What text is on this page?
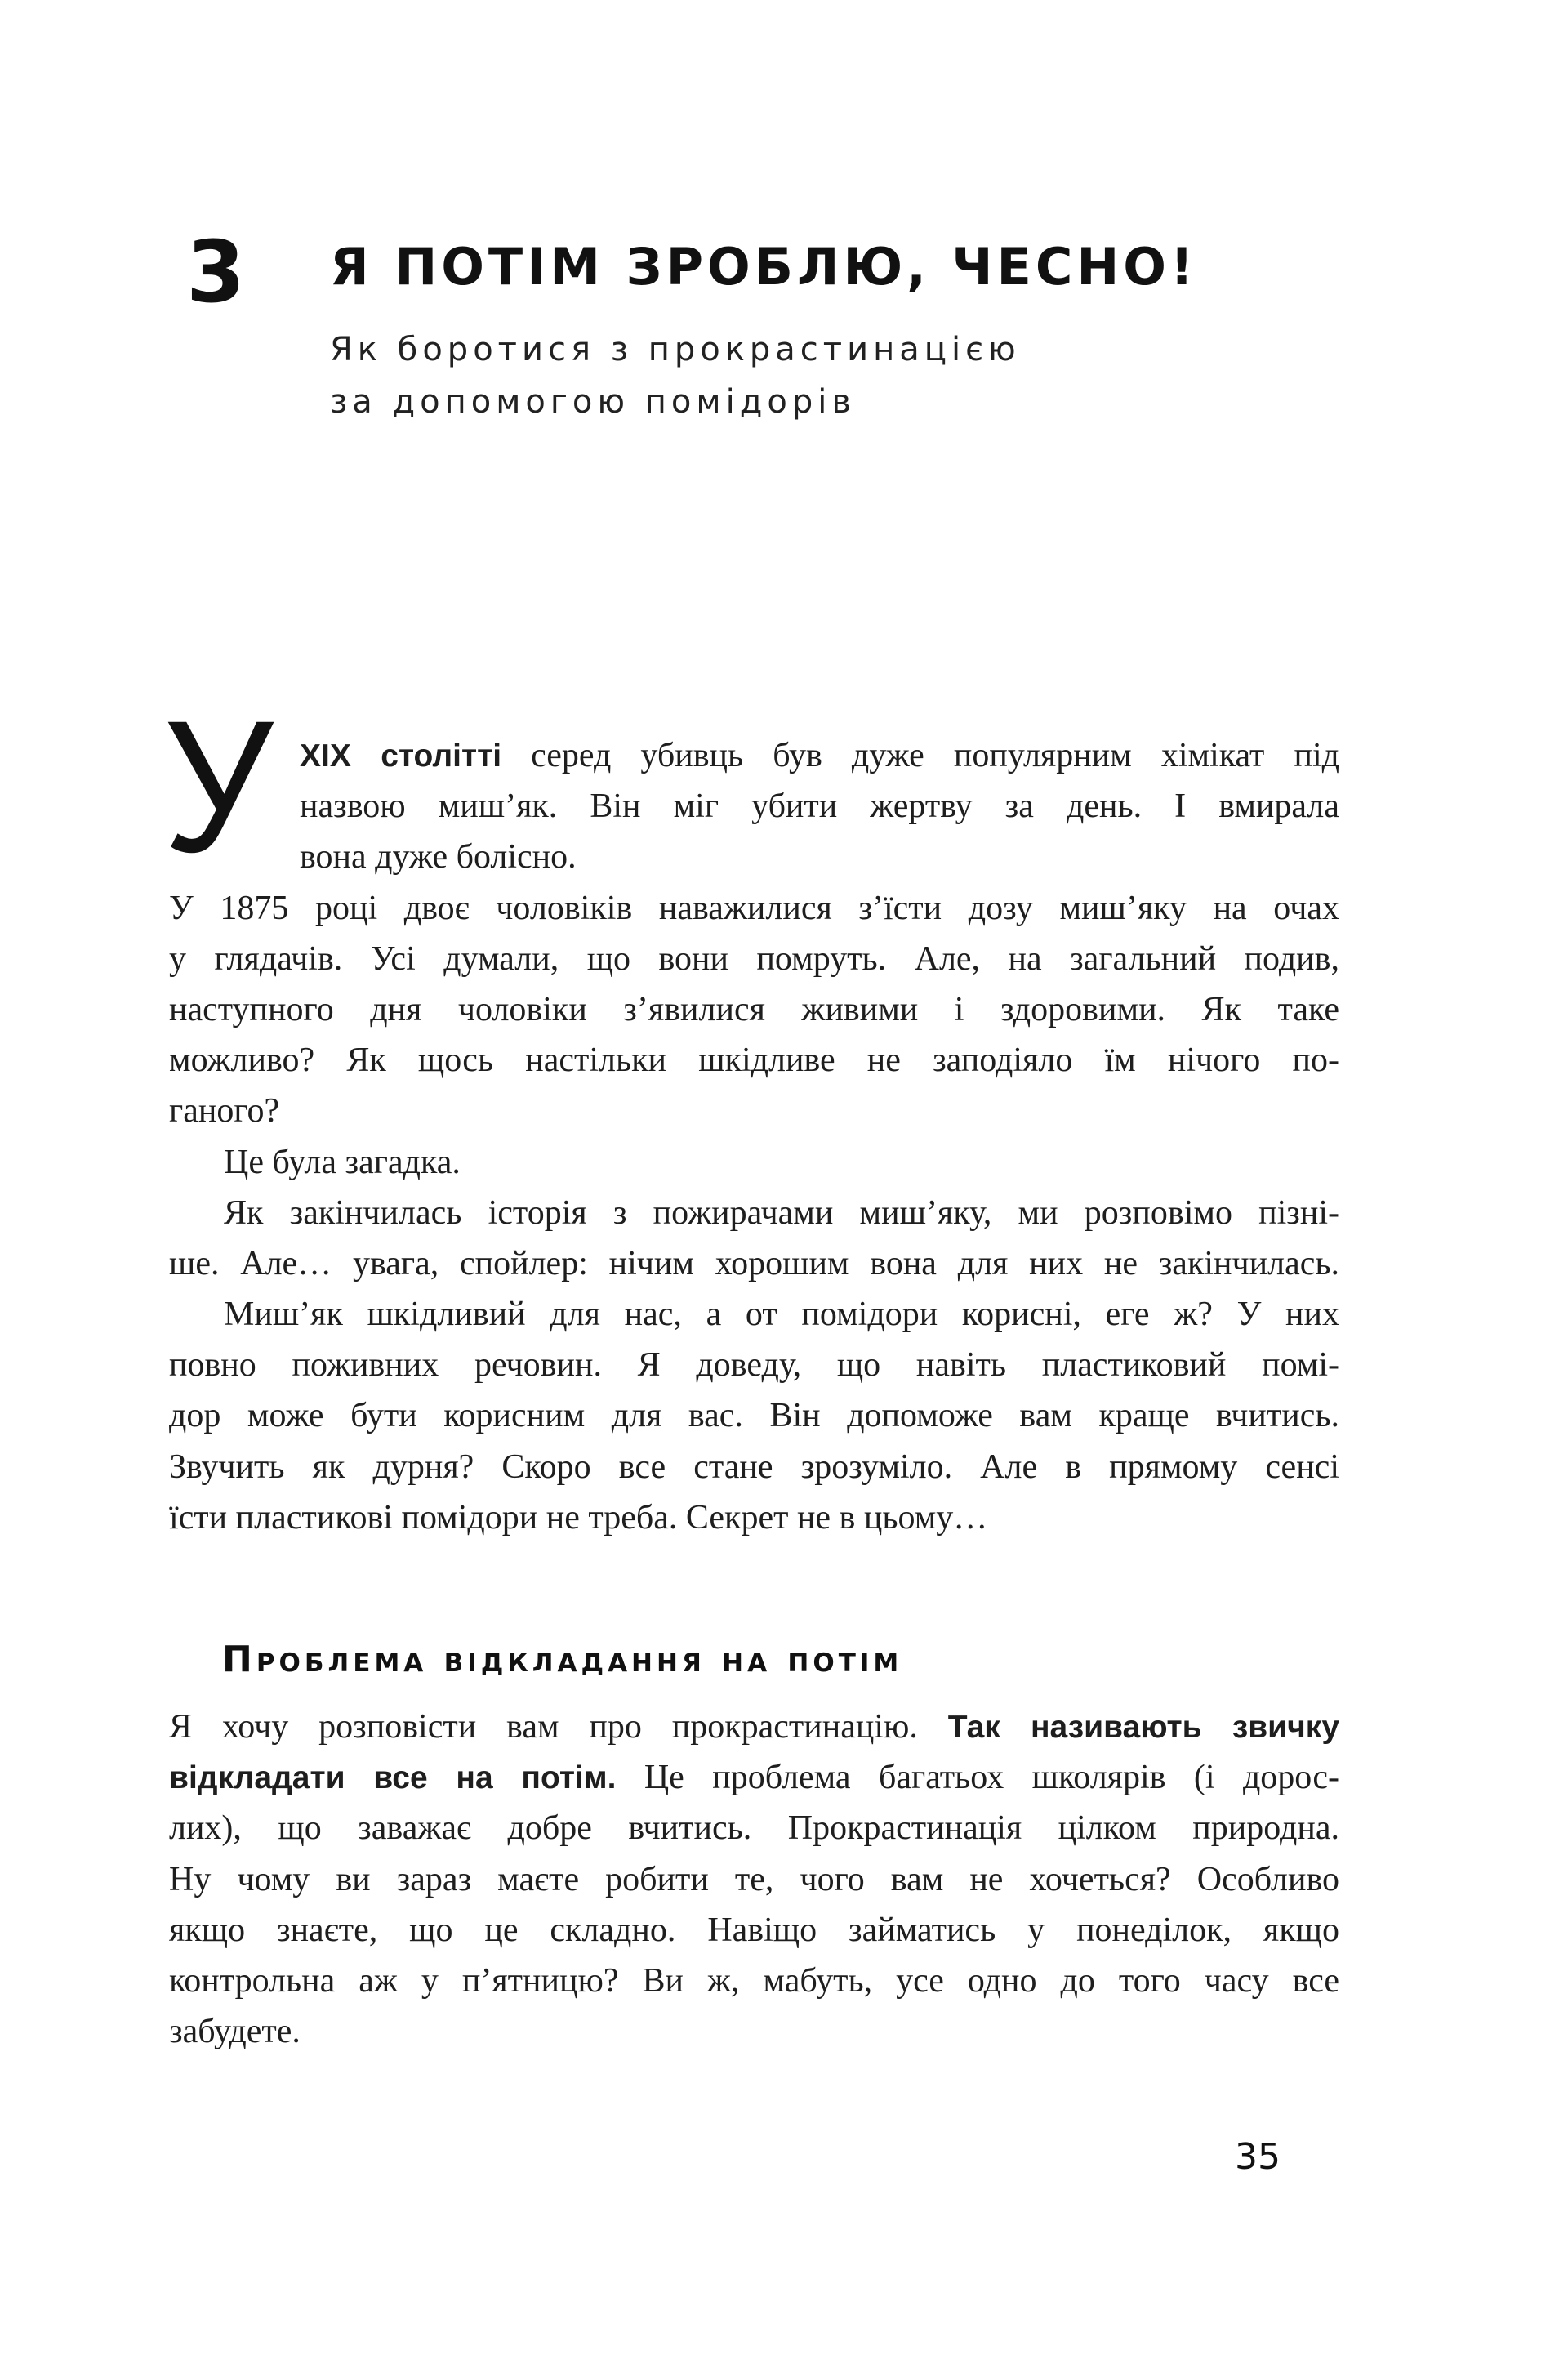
3 Я ПОТІМ ЗРОБЛЮ, ЧЕСНО!
Як боротися з прокрастинацією
за допомогою помідорів
У XIX столітті серед убивць був дуже популярним хімікат під
назвою миш’як. Він міг убити жертву за день. І вмирала
вона дуже болісно.
У 1875 році двоє чоловіків наважилися з’їсти дозу миш’яку на очах
у глядачів. Усі думали, що вони помруть. Але, на загальний подив,
наступного дня чоловіки з’явилися живими і здоровими. Як таке
можливо? Як щось настільки шкідливе не заподіяло їм нічого по-
ганого?
Це була загадка.
Як закінчилась історія з пожирачами миш’яку, ми розповімо пізні-
ше. Але… увага, спойлер: нічим хорошим вона для них не закінчилась.
Миш’як шкідливий для нас, а от помідори корисні, еге ж? У них
повно поживних речовин. Я доведу, що навіть пластиковий помі-
дор може бути корисним для вас. Він допоможе вам краще вчитись.
Звучить як дурня? Скоро все стане зрозуміло. Але в прямому сенсі
їсти пластикові помідори не треба. Секрет не в цьому…
Проблема відкладання на потім
Я хочу розповісти вам про прокрастинацію. Так називають звичку
відкладати все на потім. Це проблема багатьох школярів (і дорос-
лих), що заважає добре вчитись. Прокрастинація цілком природна.
Ну чому ви зараз маєте робити те, чого вам не хочеться? Особливо
якщо знаєте, що це складно. Навіщо займатись у понеділок, якщо
контрольна аж у п’ятницю? Ви ж, мабуть, усе одно до того часу все
забудете.
35
